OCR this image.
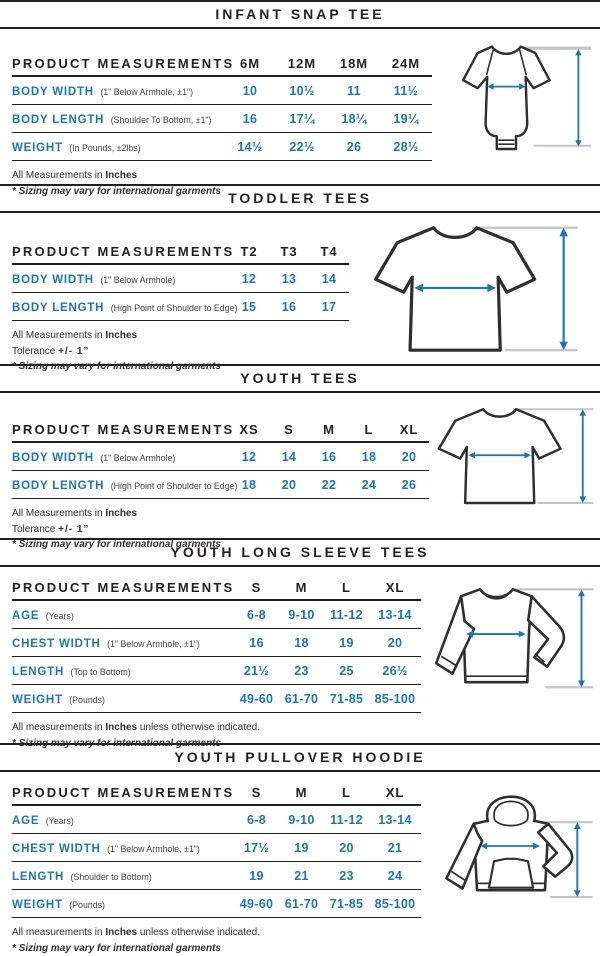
INFANT SNAP TEE
PRODUCT MEASUREMENTS 6M	12M	18M	24M
BODY WIDTH (1" Below Armhole, ±1")	10	10½	11	11½
BODY LENGTH (Shoulder To Bottom, ±1")	16	17¼	18¼	19¼
WEIGHT (In Pounds, ±2lbs)	14½	22½	26	28½

All Measurements in Inches

* Sizing may vary for international garments TODDLER TEES
PRODUCT MEASUREMENTS T2	T3	T4
BODY WIDTH (1" Below Armhole)	12	13	14
BODY LENGTH (High Point of Shoulder to Edge) 15	16	17

All Measurements in Inches

Tolerance +/- 1”

* Sizing may vary for international garments

YOUTH TEES
PRODUCT MEASUREMENTS XS	S	M	L	XL
BODY WIDTH (1" Below Armhole)	12	14	16	18	20
BODY LENGTH (High Point of Shoulder to Edge) 18	20	22	24	26

All Measurements in Inches

Tolerance +/- 1”

* Sizing may vary for international garments

YOUTH LONG SLEEVE TEES
PRODUCT MEASUREMENTS	S	M	L	XL
AGE (Years)	6-8	9-10	11-12	13-14
CHEST WIDTH (1" Below Armhole, ±1")	16	18	19	20
LENGTH (Top to Bottom)	21½	23	25	26½
WEIGHT (Pounds)	49-60 61-70 71-85 85-100

All measurements in Inches unless otherwise indicated.

* Sizing may vary for international garments

YOUTH PULLOVER HOODIE
PRODUCT MEASUREMENTS	S	M	L	XL
AGE (Years)	6-8	9-10	11-12	13-14
CHEST WIDTH (1" Below Armhole, ±1")	17½	19	20	21
LENGTH (Shoulder to Bottom)	19	21	23	24
WEIGHT (Pounds)	49-60 61-70 71-85 85-100

All measurements in Inches unless otherwise indicated.

* Sizing may vary for international garments
